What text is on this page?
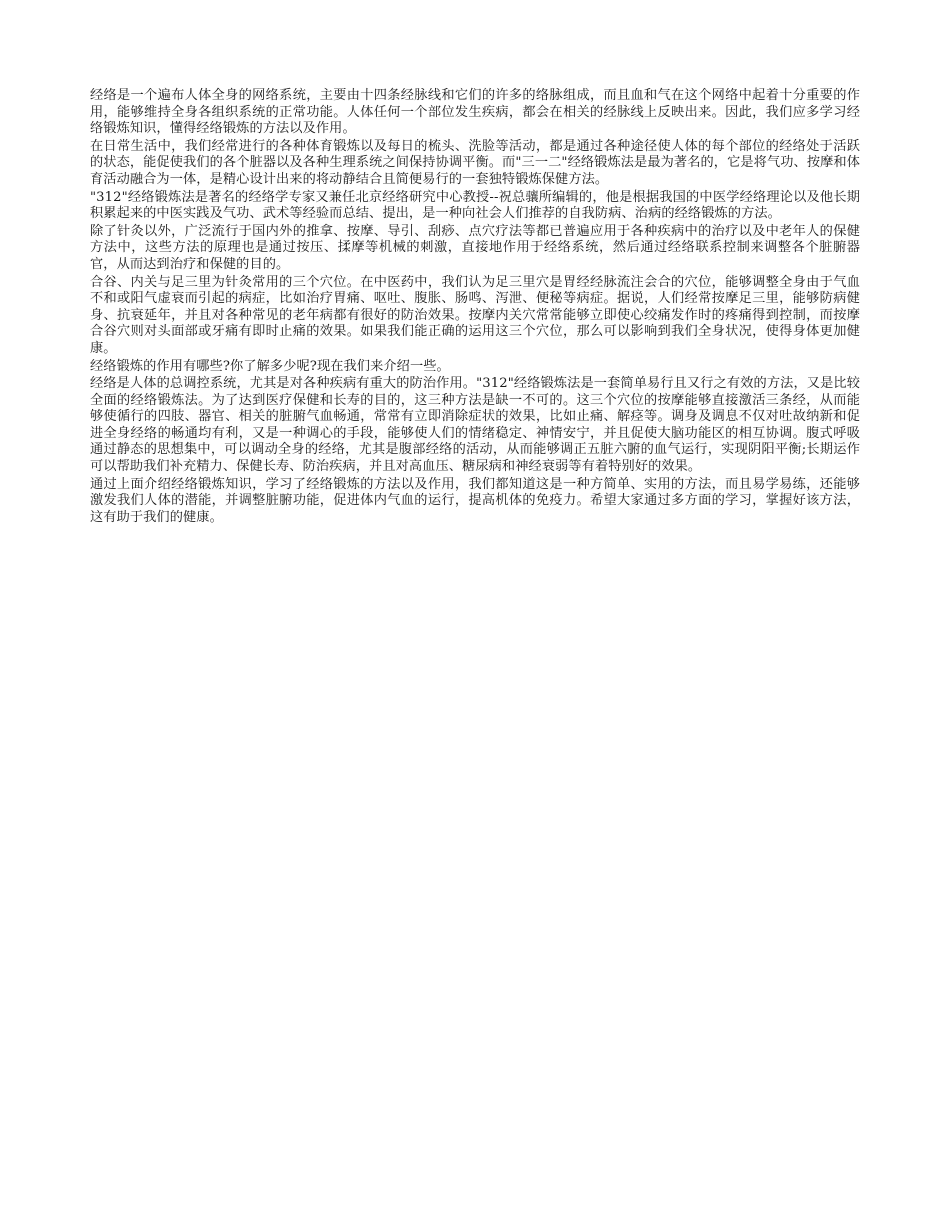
经络是一个遍布人体全身的网络系统，主要由十四条经脉线和它们的许多的络脉组成，而且血和气在这个网络中起着十分重要的作用，能够维持全身各组织系统的正常功能。人体任何一个部位发生疾病，都会在相关的经脉线上反映出来。因此，我们应多学习经络锻炼知识，懂得经络锻炼的方法以及作用。

在日常生活中，我们经常进行的各种体育锻炼以及每日的梳头、洗脸等活动，都是通过各种途径使人体的每个部位的经络处于活跃的状态，能促使我们的各个脏器以及各种生理系统之间保持协调平衡。而"三一二"经络锻炼法是最为著名的，它是将气功、按摩和体育活动融合为一体，是精心设计出来的将动静结合且简便易行的一套独特锻炼保健方法。

"312"经络锻炼法是著名的经络学专家又兼任北京经络研究中心教授--祝总骧所编辑的，他是根据我国的中医学经络理论以及他长期积累起来的中医实践及气功、武术等经验而总结、提出，是一种向社会人们推荐的自我防病、治病的经络锻炼的方法。

除了针灸以外，广泛流行于国内外的推拿、按摩、导引、刮痧、点穴疗法等都已普遍应用于各种疾病中的治疗以及中老年人的保健方法中，这些方法的原理也是通过按压、揉摩等机械的刺激，直接地作用于经络系统，然后通过经络联系控制来调整各个脏腑器官，从而达到治疗和保健的目的。

合谷、内关与足三里为针灸常用的三个穴位。在中医药中，我们认为足三里穴是胃经经脉流注会合的穴位，能够调整全身由于气血不和或阳气虚衰而引起的病症，比如治疗胃痛、呕吐、腹胀、肠鸣、泻泄、便秘等病症。据说，人们经常按摩足三里，能够防病健身、抗衰延年，并且对各种常见的老年病都有很好的防治效果。按摩内关穴常常能够立即使心绞痛发作时的疼痛得到控制，而按摩合谷穴则对头面部或牙痛有即时止痛的效果。如果我们能正确的运用这三个穴位，那么可以影响到我们全身状况，使得身体更加健康。

经络锻炼的作用有哪些?你了解多少呢?现在我们来介绍一些。

经络是人体的总调控系统，尤其是对各种疾病有重大的防治作用。"312"经络锻炼法是一套简单易行且又行之有效的方法，又是比较全面的经络锻炼法。为了达到医疗保健和长寿的目的，这三种方法是缺一不可的。这三个穴位的按摩能够直接激活三条经，从而能够使循行的四肢、器官、相关的脏腑气血畅通，常常有立即消除症状的效果，比如止痛、解痉等。调身及调息不仅对吐故纳新和促进全身经络的畅通均有利，又是一种调心的手段，能够使人们的情绪稳定、神情安宁，并且促使大脑功能区的相互协调。腹式呼吸通过静态的思想集中，可以调动全身的经络，尤其是腹部经络的活动，从而能够调正五脏六腑的血气运行，实现阴阳平衡;长期运作可以帮助我们补充精力、保健长寿、防治疾病，并且对高血压、糖尿病和神经衰弱等有着特别好的效果。

通过上面介绍经络锻炼知识，学习了经络锻炼的方法以及作用，我们都知道这是一种方简单、实用的方法，而且易学易练，还能够激发我们人体的潜能，并调整脏腑功能，促进体内气血的运行，提高机体的免疫力。希望大家通过多方面的学习，掌握好该方法，这有助于我们的健康。
